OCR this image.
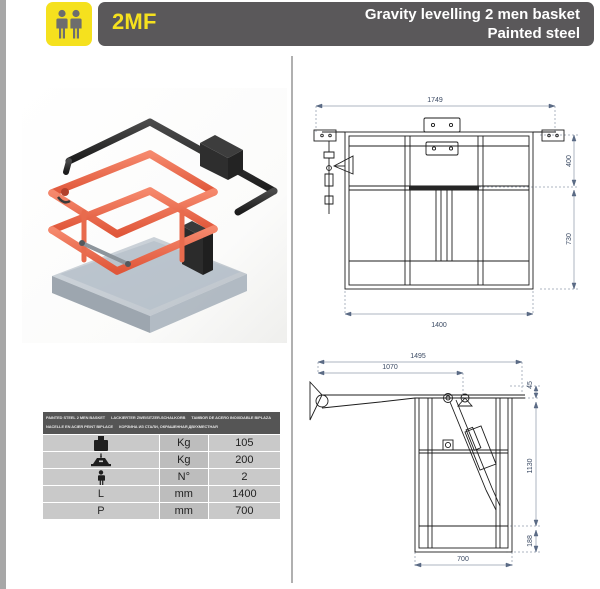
2MF	Gravity levelling 2 men basket
Painted steel
PAINTED STEEL 2 MEN BASKET LACKIERTER ZWEISITZER-SCHALKORB TAMBOR DE ACERO INOXIDABLE BIPLAZA
NACELLE EN ACIER PEINT BIPLACE КОРЗИНА ИЗ СТАЛИ, ОКРАШЕННАЯ ДВУХМЕСТНАЯ		

	Kg	105
	Kg	200
	N°	2
L	mm	1400
P	mm	700
1749
1400
400
730
1495
1070
45
1130
188
700
